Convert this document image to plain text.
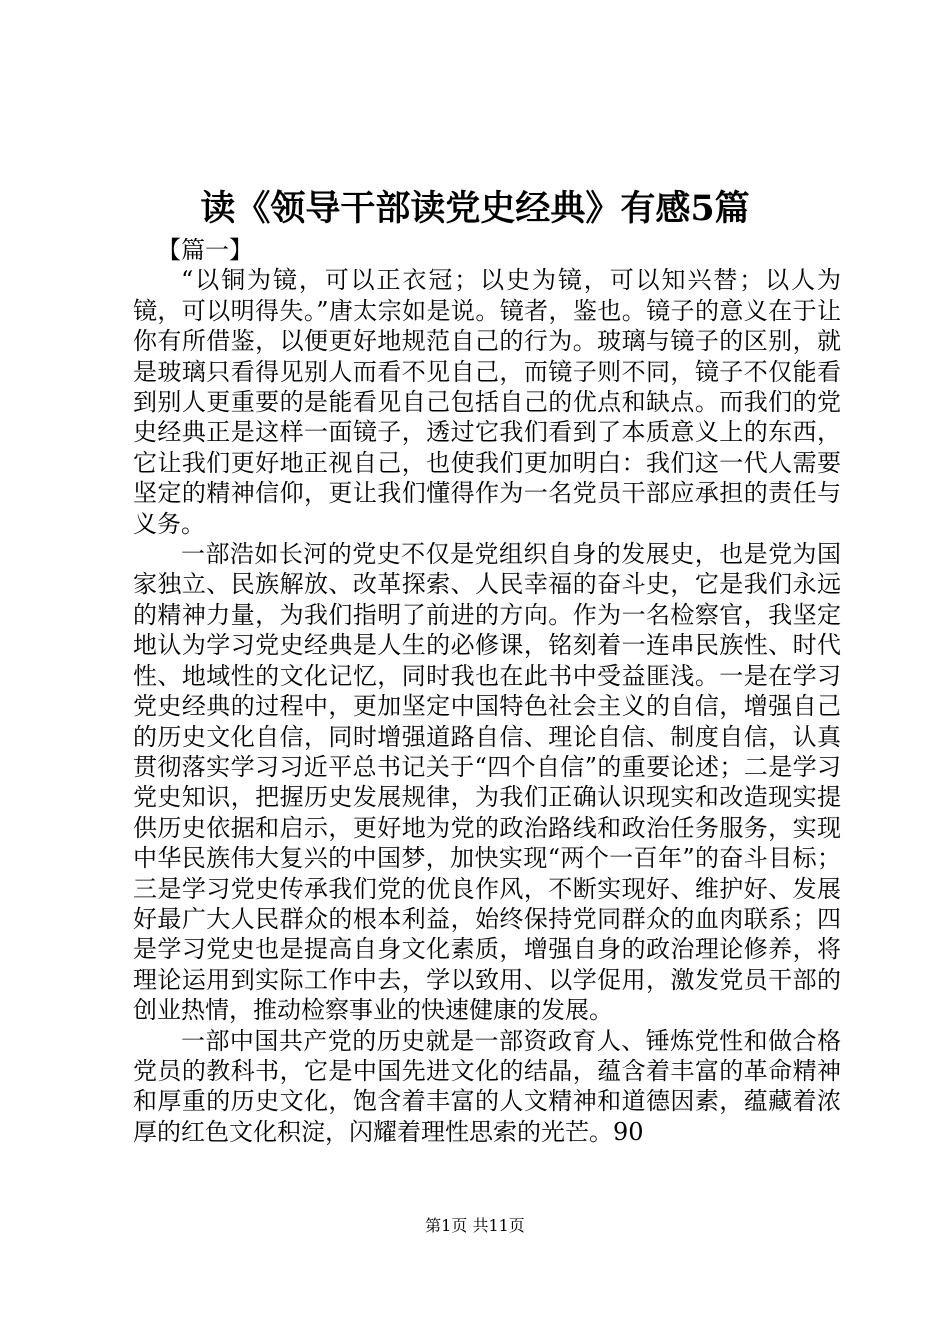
读《领导干部读党史经典》有感5篇

【篇一】

“以铜为镜，可以正衣冠；以史为镜，可以知兴替；以人为镜，可以明得失。”唐太宗如是说。镜者，鉴也。镜子的意义在于让你有所借鉴，以便更好地规范自己的行为。玻璃与镜子的区别，就是玻璃只看得见别人而看不见自己，而镜子则不同，镜子不仅能看到别人更重要的是能看见自己包括自己的优点和缺点。而我们的党史经典正是这样一面镜子，透过它我们看到了本质意义上的东西，它让我们更好地正视自己，也使我们更加明白：我们这一代人需要坚定的精神信仰，更让我们懂得作为一名党员干部应承担的责任与义务。

一部浩如长河的党史不仅是党组织自身的发展史，也是党为国家独立、民族解放、改革探索、人民幸福的奋斗史，它是我们永远的精神力量，为我们指明了前进的方向。作为一名检察官，我坚定地认为学习党史经典是人生的必修课，铭刻着一连串民族性、时代性、地域性的文化记忆，同时我也在此书中受益匪浅。一是在学习党史经典的过程中，更加坚定中国特色社会主义的自信，增强自己的历史文化自信，同时增强道路自信、理论自信、制度自信，认真贯彻落实学习习近平总书记关于“四个自信”的重要论述；二是学习党史知识，把握历史发展规律，为我们正确认识现实和改造现实提供历史依据和启示，更好地为党的政治路线和政治任务服务，实现中华民族伟大复兴的中国梦，加快实现“两个一百年”的奋斗目标；三是学习党史传承我们党的优良作风，不断实现好、维护好、发展好最广大人民群众的根本利益，始终保持党同群众的血肉联系；四是学习党史也是提高自身文化素质，增强自身的政治理论修养，将理论运用到实际工作中去，学以致用、以学促用，激发党员干部的创业热情，推动检察事业的快速健康的发展。

一部中国共产党的历史就是一部资政育人、锤炼党性和做合格党员的教科书，它是中国先进文化的结晶，蕴含着丰富的革命精神和厚重的历史文化，饱含着丰富的人文精神和道德因素，蕴藏着浓厚的红色文化积淀，闪耀着理性思索的光芒。90

第1页 共11页
